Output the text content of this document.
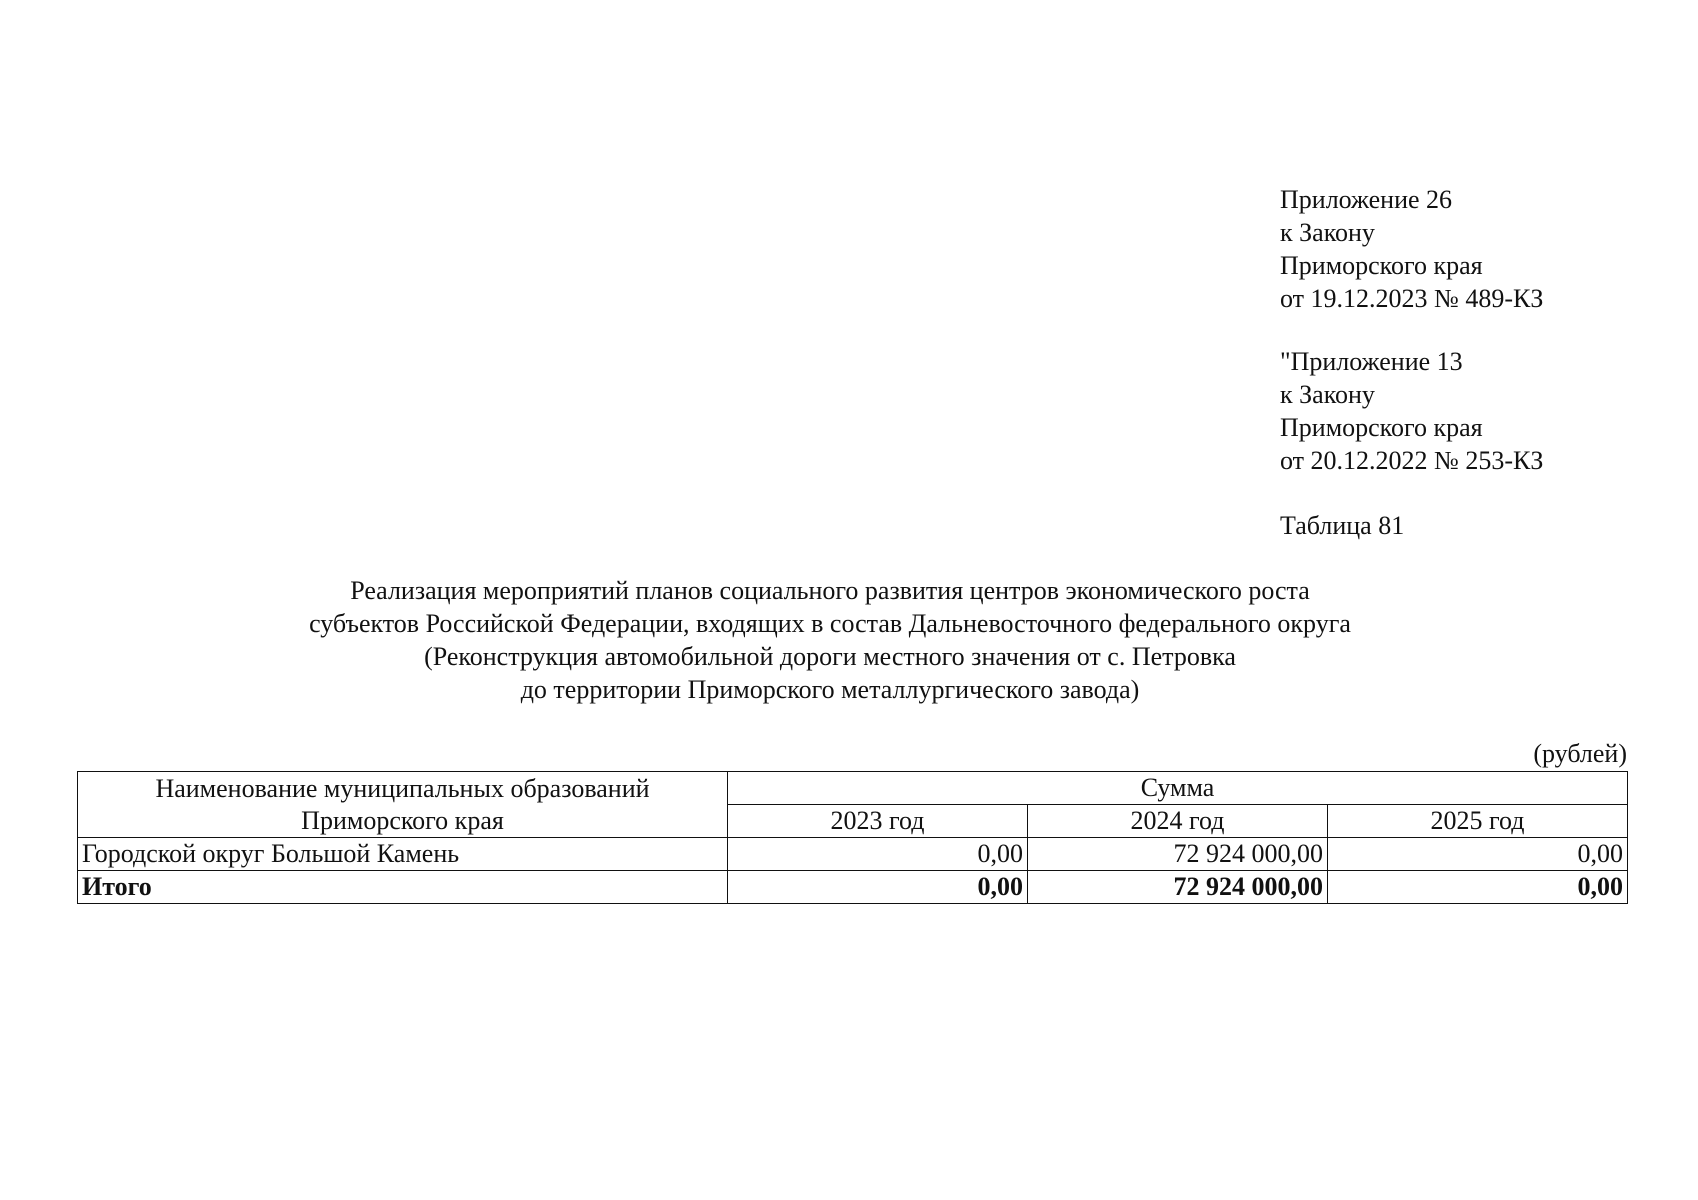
Приложение 26
к Закону
Приморского края
от 19.12.2023 № 489-КЗ
"Приложение 13
к Закону
Приморского края
от 20.12.2022 № 253-КЗ
Таблица 81
Реализация мероприятий планов социального развития центров экономического роста
субъектов Российской Федерации, входящих в состав Дальневосточного федерального округа
(Реконструкция автомобильной дороги местного значения от с. Петровка
до территории Приморского металлургического завода)
(рублей)
Наименование муниципальных образований
Приморского края	Сумма		
	2023 год	2024 год	2025 год
Городской округ Большой Камень	0,00	72 924 000,00	0,00
Итого	0,00	72 924 000,00	0,00
